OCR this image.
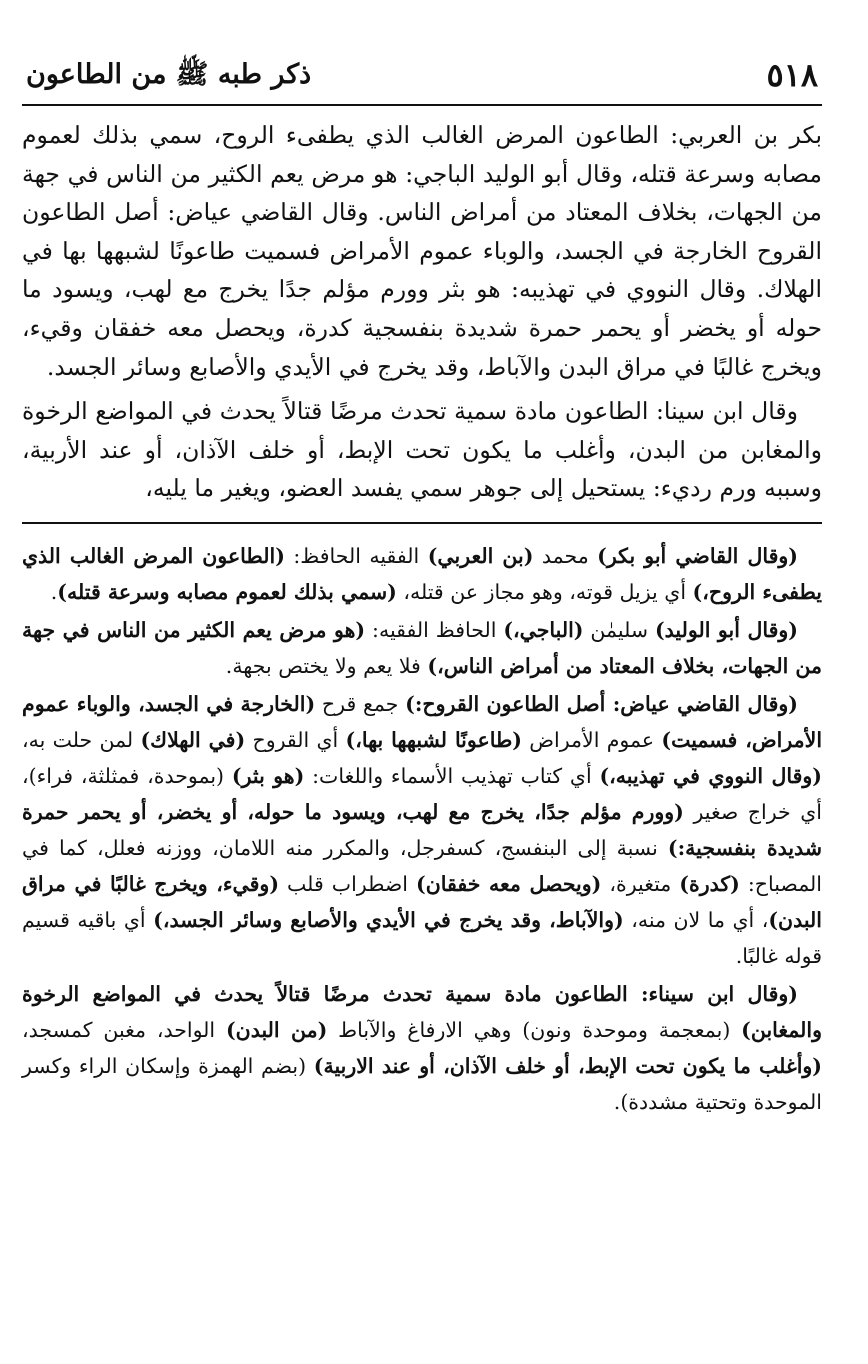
٥١٨
ذكر طبه ﷺ من الطاعون

بكر بن العربي: الطاعون المرض الغالب الذي يطفىء الروح، سمي بذلك لعموم مصابه وسرعة قتله، وقال أبو الوليد الباجي: هو مرض يعم الكثير من الناس في جهة من الجهات، بخلاف المعتاد من أمراض الناس. وقال القاضي عياض: أصل الطاعون القروح الخارجة في الجسد، والوباء عموم الأمراض فسميت طاعونًا لشبهها بها في الهلاك. وقال النووي في تهذيبه: هو بثر وورم مؤلم جدًا يخرج مع لهب، ويسود ما حوله أو يخضر أو يحمر حمرة شديدة بنفسجية كدرة، ويحصل معه خفقان وقيء، ويخرج غالبًا في مراق البدن والآباط، وقد يخرج في الأيدي والأصابع وسائر الجسد.

وقال ابن سينا: الطاعون مادة سمية تحدث مرضًا قتالاً يحدث في المواضع الرخوة والمغابن من البدن، وأغلب ما يكون تحت الإبط، أو خلف الآذان، أو عند الأربية، وسببه ورم رديء: يستحيل إلى جوهر سمي يفسد العضو، ويغير ما يليه،

(وقال القاضي أبو بكر) محمد (بن العربي) الفقيه الحافظ: (الطاعون المرض الغالب الذي يطفىء الروح،) أي يزيل قوته، وهو مجاز عن قتله، (سمي بذلك لعموم مصابه وسرعة قتله).

(وقال أبو الوليد) سليمٰن (الباجي،) الحافظ الفقيه: (هو مرض يعم الكثير من الناس في جهة من الجهات، بخلاف المعتاد من أمراض الناس،) فلا يعم ولا يختص بجهة.

(وقال القاضي عياض: أصل الطاعون القروح:) جمع قرح (الخارجة في الجسد، والوباء عموم الأمراض، فسميت) عموم الأمراض (طاعونًا لشبهها بها،) أي القروح (في الهلاك) لمن حلت به، (وقال النووي في تهذيبه،) أي كتاب تهذيب الأسماء واللغات: (هو بثر) (بموحدة، فمثلثة، فراء)، أي خراج صغير (وورم مؤلم جدًا، يخرج مع لهب، ويسود ما حوله، أو يخضر، أو يحمر حمرة شديدة بنفسجية:) نسبة إلى البنفسج، كسفرجل، والمكرر منه اللامان، ووزنه فعلل، كما في المصباح: (كدرة) متغيرة، (ويحصل معه خفقان) اضطراب قلب (وقيء، ويخرج غالبًا في مراق البدن)، أي ما لان منه، (والآباط، وقد يخرج في الأيدي والأصابع وسائر الجسد،) أي باقيه قسيم قوله غالبًا.

(وقال ابن سيناء: الطاعون مادة سمية تحدث مرضًا قتالاً يحدث في المواضع الرخوة والمغابن) (بمعجمة وموحدة ونون) وهي الارفاغ والآباط (من البدن) الواحد، مغبن كمسجد، (وأغلب ما يكون تحت الإبط، أو خلف الآذان، أو عند الاربية) (بضم الهمزة وإسكان الراء وكسر الموحدة وتحتية مشددة).
